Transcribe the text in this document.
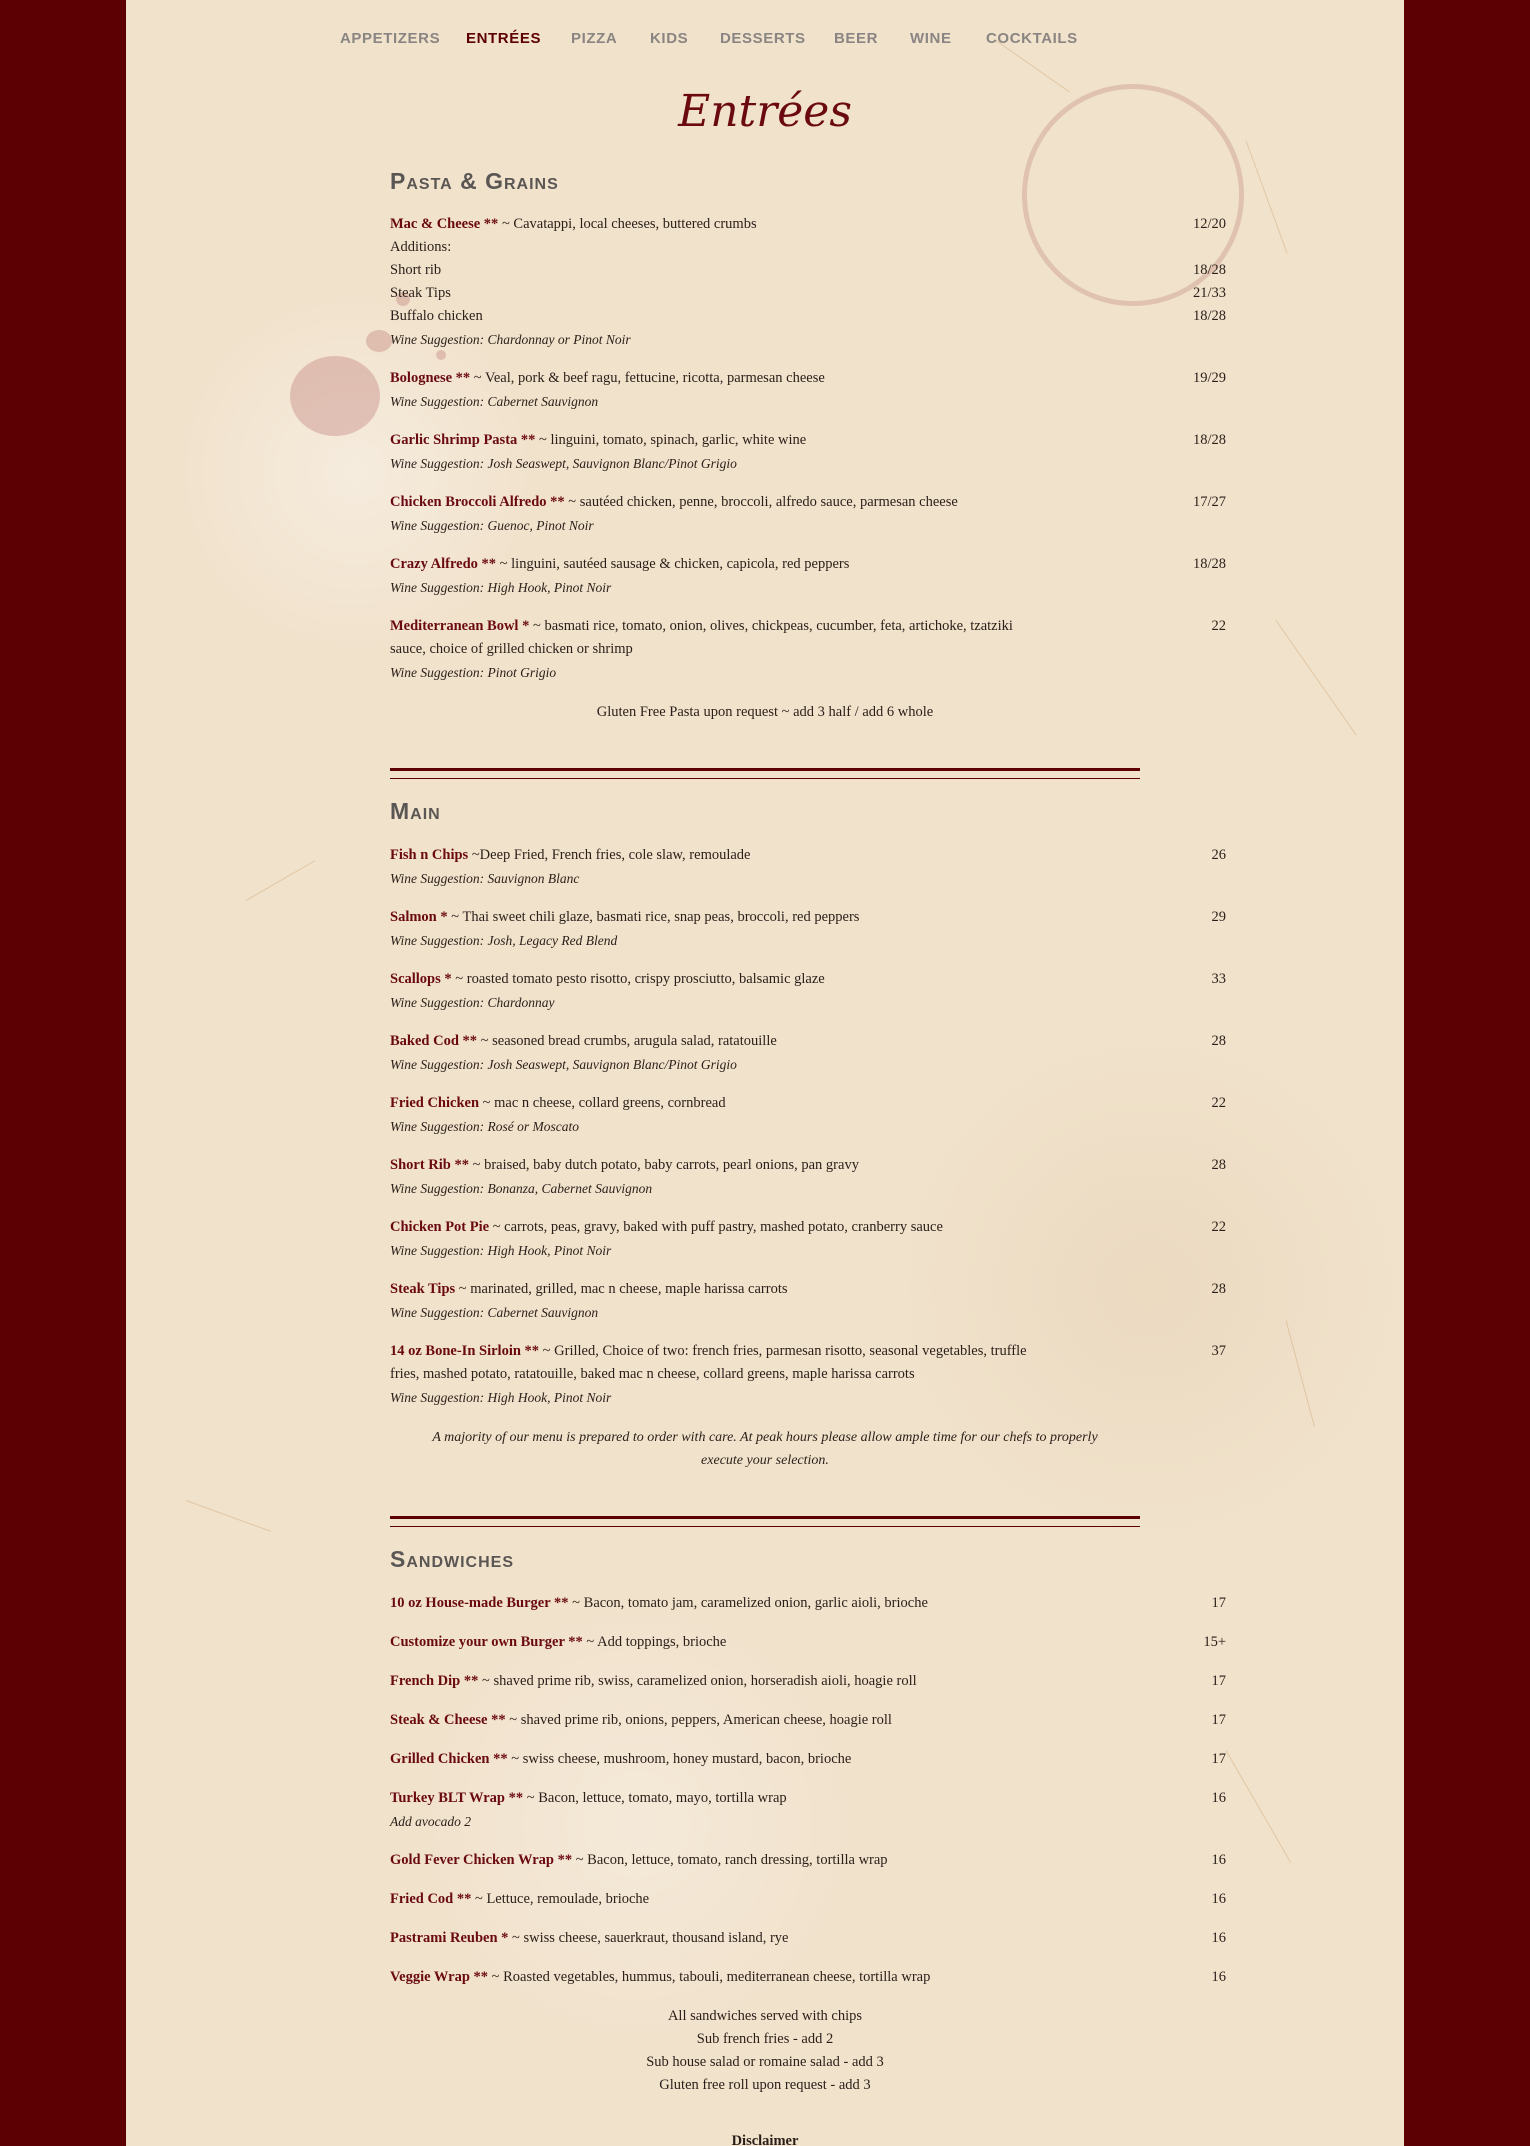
APPETIZERS ENTRÉES PIZZA KIDS DESSERTS BEER WINE COCKTAILS
Entrées
Pasta & Grains
Mac & Cheese ** ~ Cavatappi, local cheeses, buttered crumbs	12/20
Additions:
Short rib	18/28
Steak Tips	21/33
Buffalo chicken	18/28
Wine Suggestion: Chardonnay or Pinot Noir
Bolognese ** ~ Veal, pork & beef ragu, fettucine, ricotta, parmesan cheese	19/29
Wine Suggestion: Cabernet Sauvignon
Garlic Shrimp Pasta ** ~ linguini, tomato, spinach, garlic, white wine	18/28
Wine Suggestion: Josh Seaswept, Sauvignon Blanc/Pinot Grigio
Chicken Broccoli Alfredo ** ~ sautéed chicken, penne, broccoli, alfredo sauce, parmesan cheese	17/27
Wine Suggestion: Guenoc, Pinot Noir
Crazy Alfredo ** ~ linguini, sautéed sausage & chicken, capicola, red peppers	18/28
Wine Suggestion: High Hook, Pinot Noir
Mediterranean Bowl * ~ basmati rice, tomato, onion, olives, chickpeas, cucumber, feta, artichoke, tzatziki	22
sauce, choice of grilled chicken or shrimp
Wine Suggestion: Pinot Grigio
Gluten Free Pasta upon request ~ add 3 half / add 6 whole
Main
Fish n Chips ~Deep Fried, French fries, cole slaw, remoulade	26
Wine Suggestion: Sauvignon Blanc
Salmon * ~ Thai sweet chili glaze, basmati rice, snap peas, broccoli, red peppers	29
Wine Suggestion: Josh, Legacy Red Blend
Scallops * ~ roasted tomato pesto risotto, crispy prosciutto, balsamic glaze	33
Wine Suggestion: Chardonnay
Baked Cod ** ~ seasoned bread crumbs, arugula salad, ratatouille	28
Wine Suggestion: Josh Seaswept, Sauvignon Blanc/Pinot Grigio
Fried Chicken ~ mac n cheese, collard greens, cornbread	22
Wine Suggestion: Rosé or Moscato
Short Rib ** ~ braised, baby dutch potato, baby carrots, pearl onions, pan gravy	28
Wine Suggestion: Bonanza, Cabernet Sauvignon
Chicken Pot Pie ~ carrots, peas, gravy, baked with puff pastry, mashed potato, cranberry sauce	22
Wine Suggestion: High Hook, Pinot Noir
Steak Tips ~ marinated, grilled, mac n cheese, maple harissa carrots	28
Wine Suggestion: Cabernet Sauvignon
14 oz Bone-In Sirloin ** ~ Grilled, Choice of two: french fries, parmesan risotto, seasonal vegetables, truffle	37
fries, mashed potato, ratatouille, baked mac n cheese, collard greens, maple harissa carrots
Wine Suggestion: High Hook, Pinot Noir
A majority of our menu is prepared to order with care. At peak hours please allow ample time for our chefs to properly
execute your selection.
Sandwiches
10 oz House-made Burger ** ~ Bacon, tomato jam, caramelized onion, garlic aioli, brioche	17
Customize your own Burger ** ~ Add toppings, brioche	15+
French Dip ** ~ shaved prime rib, swiss, caramelized onion, horseradish aioli, hoagie roll	17
Steak & Cheese ** ~ shaved prime rib, onions, peppers, American cheese, hoagie roll	17
Grilled Chicken ** ~ swiss cheese, mushroom, honey mustard, bacon, brioche	17
Turkey BLT Wrap ** ~ Bacon, lettuce, tomato, mayo, tortilla wrap	16
Add avocado 2
Gold Fever Chicken Wrap ** ~ Bacon, lettuce, tomato, ranch dressing, tortilla wrap	16
Fried Cod ** ~ Lettuce, remoulade, brioche	16
Pastrami Reuben * ~ swiss cheese, sauerkraut, thousand island, rye	16
Veggie Wrap ** ~ Roasted vegetables, hummus, tabouli, mediterranean cheese, tortilla wrap	16
All sandwiches served with chips
Sub french fries - add 2
Sub house salad or romaine salad - add 3
Gluten free roll upon request - add 3
Disclaimer
